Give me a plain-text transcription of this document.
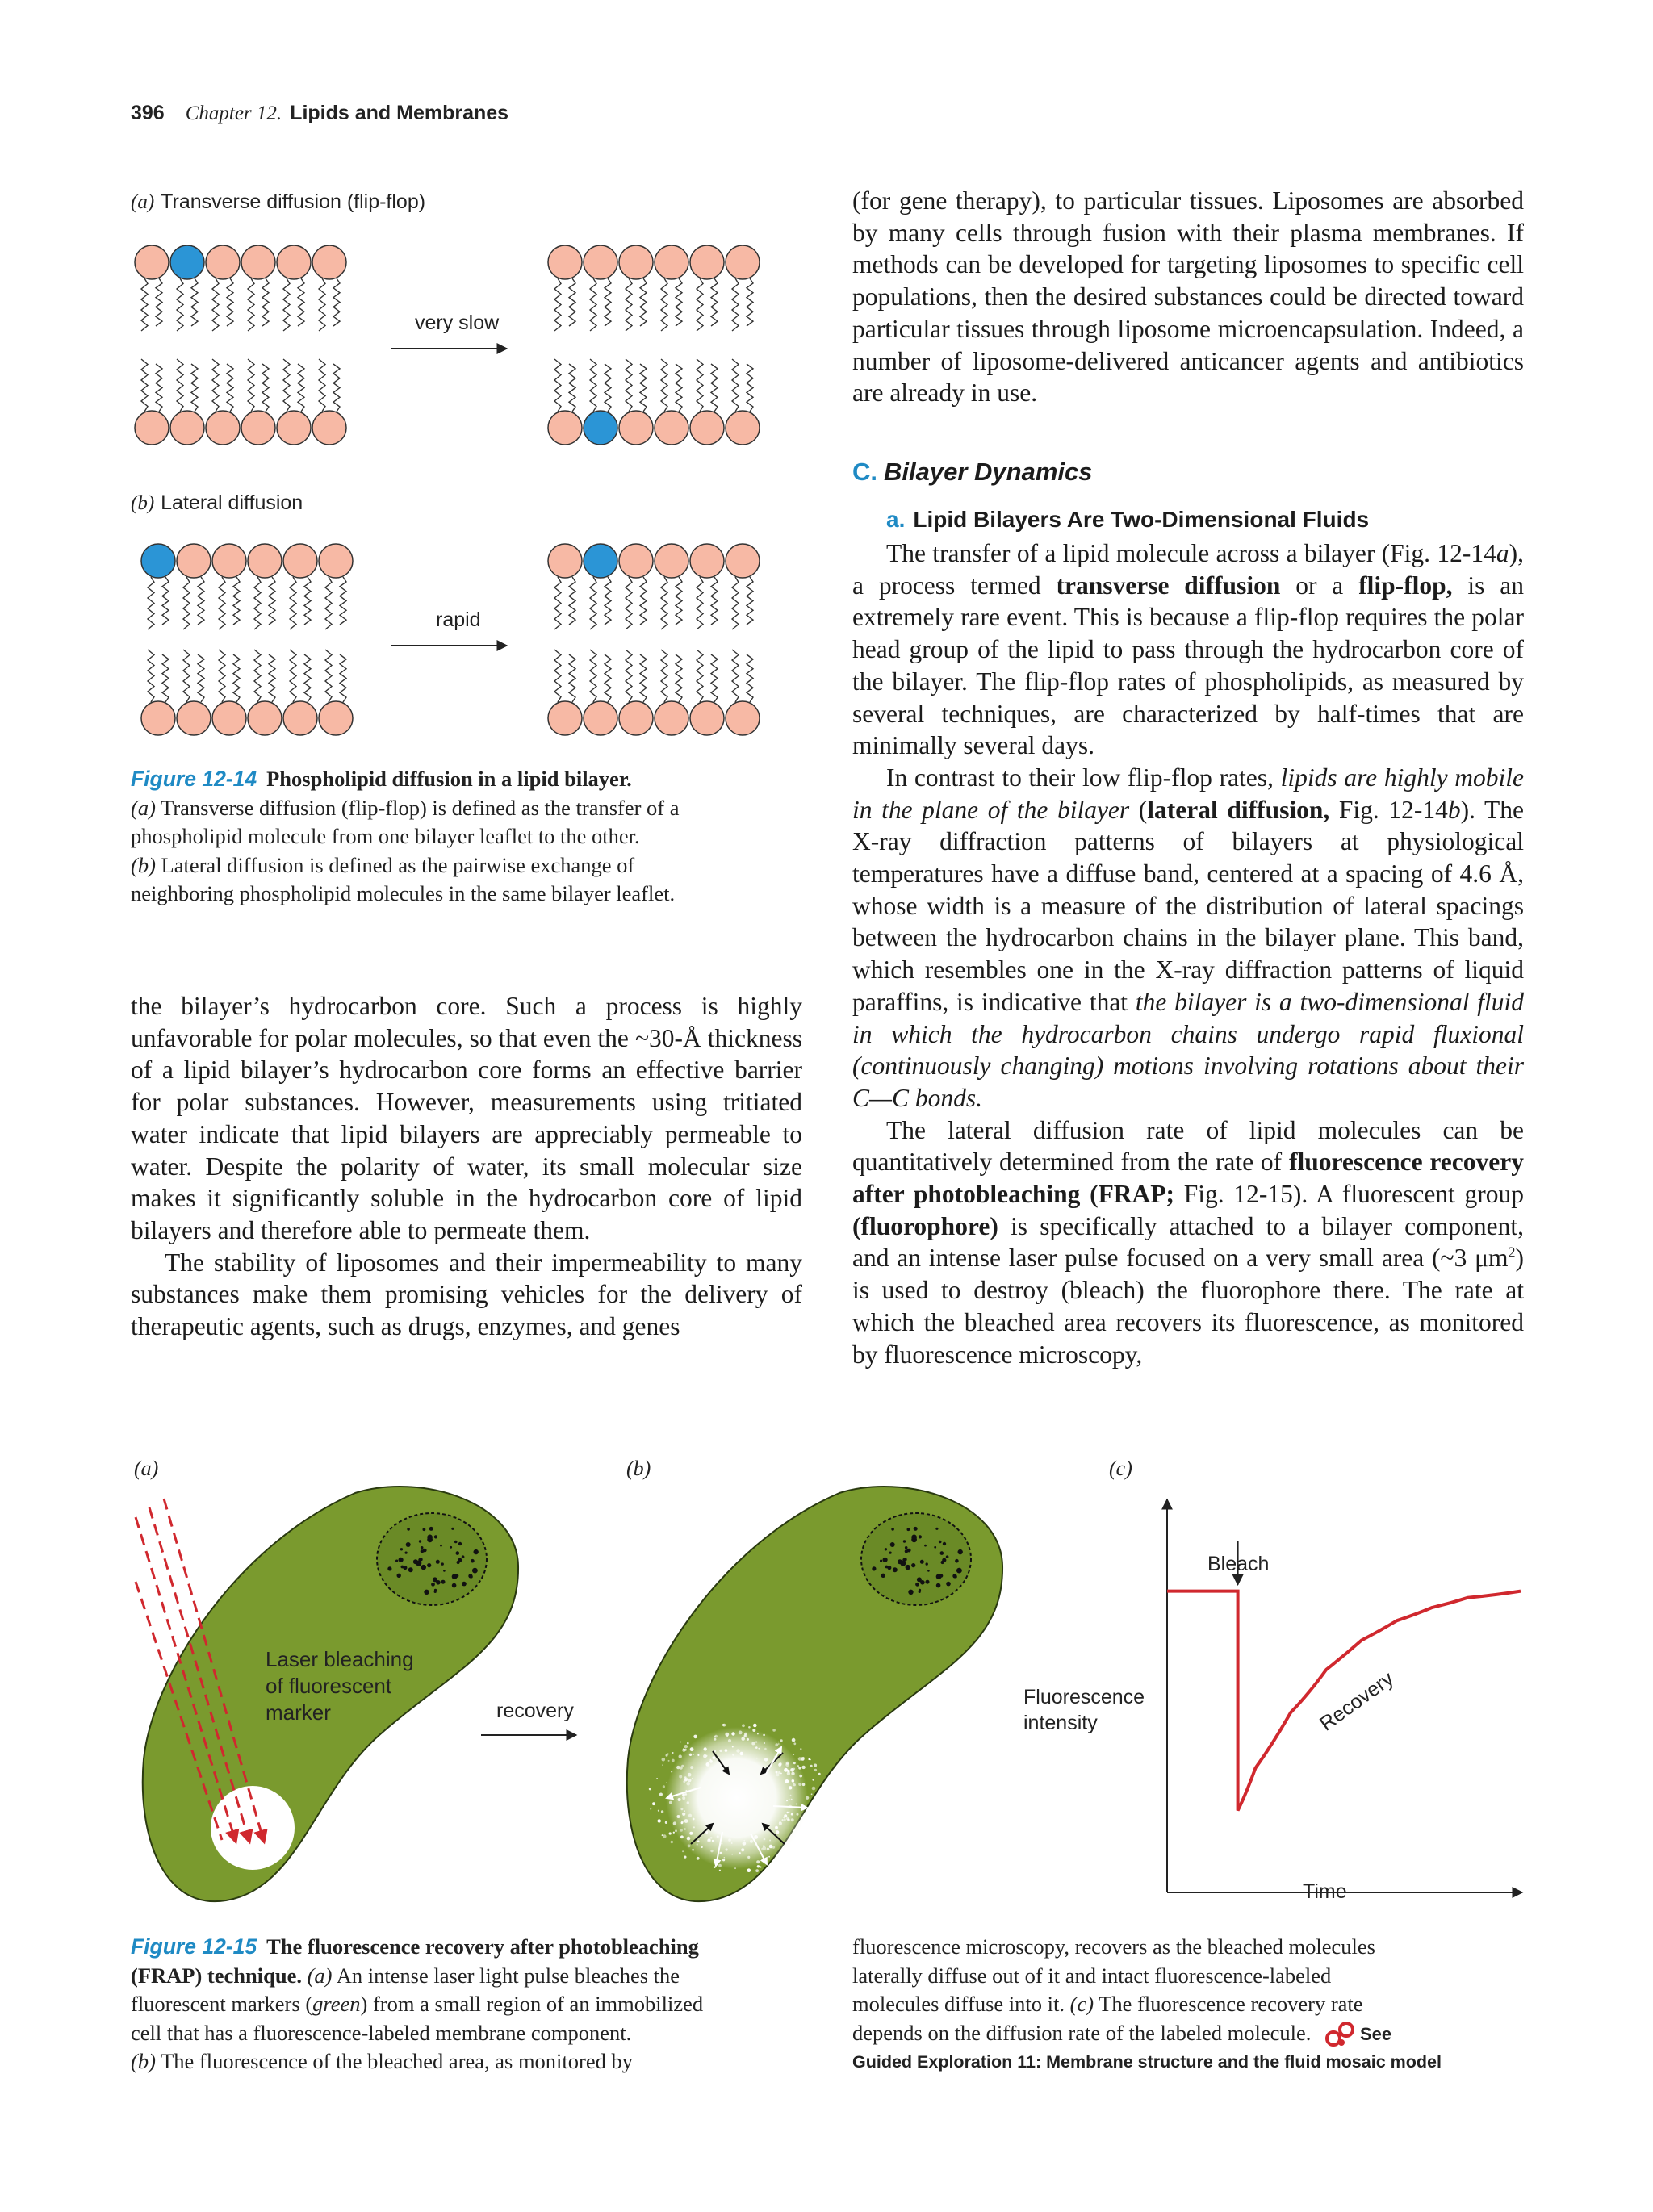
396 Chapter 12. Lipids and Membranes
(a) Transverse diffusion (flip-flop)
very slow
(b) Lateral diffusion
rapid
Figure 12-14 Phospholipid diffusion in a lipid bilayer.
(a) Transverse diffusion (flip-flop) is defined as the transfer of a
phospholipid molecule from one bilayer leaflet to the other.
(b) Lateral diffusion is defined as the pairwise exchange of
neighboring phospholipid molecules in the same bilayer leaflet.

the bilayer’s hydrocarbon core. Such a process is highly unfavorable for polar molecules, so that even the ~30-Å thickness of a lipid bilayer’s hydrocarbon core forms an effective barrier for polar substances. However, measurements using tritiated water indicate that lipid bilayers are appreciably permeable to water. Despite the polarity of water, its small molecular size makes it significantly soluble in the hydrocarbon core of lipid bilayers and therefore able to permeate them.

The stability of liposomes and their impermeability to many substances make them promising vehicles for the delivery of therapeutic agents, such as drugs, enzymes, and genes

(for gene therapy), to particular tissues. Liposomes are absorbed by many cells through fusion with their plasma membranes. If methods can be developed for targeting liposomes to specific cell populations, then the desired substances could be directed toward particular tissues through liposome microencapsulation. Indeed, a number of liposome-delivered anticancer agents and antibiotics are already in use.

C. Bilayer Dynamics
a. Lipid Bilayers Are Two-Dimensional Fluids

The transfer of a lipid molecule across a bilayer (Fig. 12-14a), a process termed transverse diffusion or a flip-flop, is an extremely rare event. This is because a flip-flop requires the polar head group of the lipid to pass through the hydrocarbon core of the bilayer. The flip-flop rates of phospholipids, as measured by several techniques, are characterized by half-times that are minimally several days.

In contrast to their low flip-flop rates, lipids are highly mobile in the plane of the bilayer (lateral diffusion, Fig. 12-14b). The X-ray diffraction patterns of bilayers at physiological temperatures have a diffuse band, centered at a spacing of 4.6 Å, whose width is a measure of the distribution of lateral spacings between the hydrocarbon chains in the bilayer plane. This band, which resembles one in the X-ray diffraction patterns of liquid paraffins, is indicative that the bilayer is a two-dimensional fluid in which the hydrocarbon chains undergo rapid fluxional (continuously changing) motions involving rotations about their C—C bonds.

The lateral diffusion rate of lipid molecules can be quantitatively determined from the rate of fluorescence recovery after photobleaching (FRAP; Fig. 12-15). A fluorescent group (fluorophore) is specifically attached to a bilayer component, and an intense laser pulse focused on a very small area (~3 $\mu m^2$) is used to destroy (bleach) the fluorophore there. The rate at which the bleached area recovers its fluorescence, as monitored by fluorescence microscopy,

(a)	(b)	(c)
Laser bleaching
of fluorescent
marker	recovery
Bleach
Fluorescence intensity
Time
Recovery
Figure 12-15 The fluorescence recovery after photobleaching
(FRAP) technique. (a) An intense laser light pulse bleaches the
fluorescent markers (green) from a small region of an immobilized
cell that has a fluorescence-labeled membrane component.
(b) The fluorescence of the bleached area, as monitored by
fluorescence microscopy, recovers as the bleached molecules
laterally diffuse out of it and intact fluorescence-labeled
molecules diffuse into it. (c) The fluorescence recovery rate
depends on the diffusion rate of the labeled molecule.	See
Guided Exploration 11: Membrane structure and the fluid mosaic model
